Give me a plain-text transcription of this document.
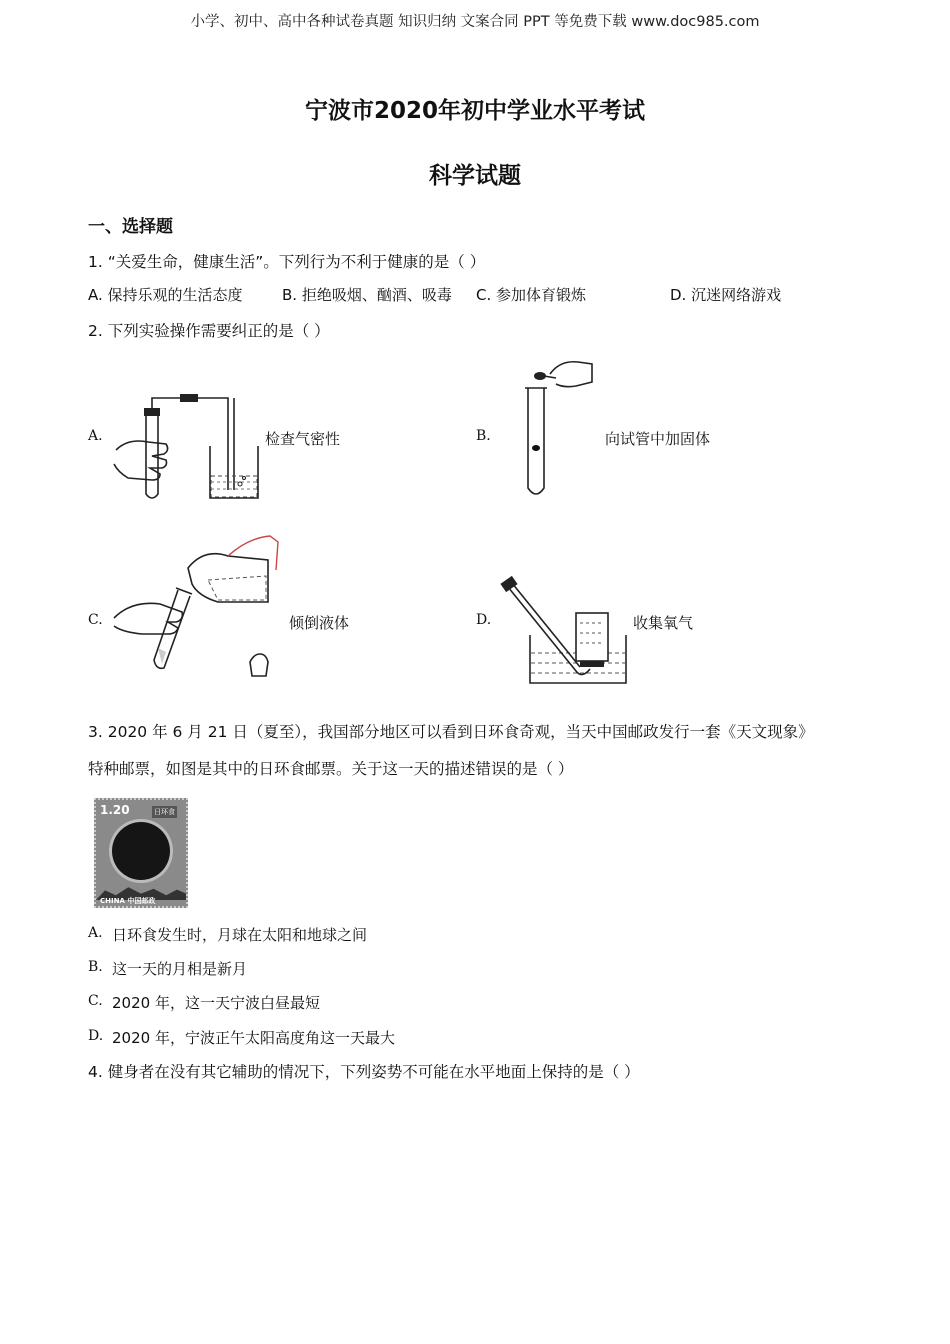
小学、初中、高中各种试卷真题 知识归纳 文案合同 PPT 等免费下载 www.doc985.com
宁波市2020年初中学业水平考试
科学试题
一、选择题
1. “关爱生命，健康生活”。下列行为不利于健康的是（ ）
A. 保持乐观的生活态度	B. 拒绝吸烟、酗酒、吸毒 C. 参加体育锻炼	D. 沉迷网络游戏
2. 下列实验操作需要纠正的是（ ）
A.	检查气密性	B.	向试管中加固体
C.	倾倒液体	D.	收集氧气
3. 2020 年 6 月 21 日（夏至），我国部分地区可以看到日环食奇观，当天中国邮政发行一套《天文现象》
特种邮票，如图是其中的日环食邮票。关于这一天的描述错误的是（ ）
1.20	日环食
CHINA 中国邮政
A. 日环食发生时，月球在太阳和地球之间
B. 这一天的月相是新月
C. 2020 年，这一天宁波白昼最短
D. 2020 年，宁波正午太阳高度角这一天最大
4. 健身者在没有其它辅助的情况下，下列姿势不可能在水平地面上保持的是（ ）
